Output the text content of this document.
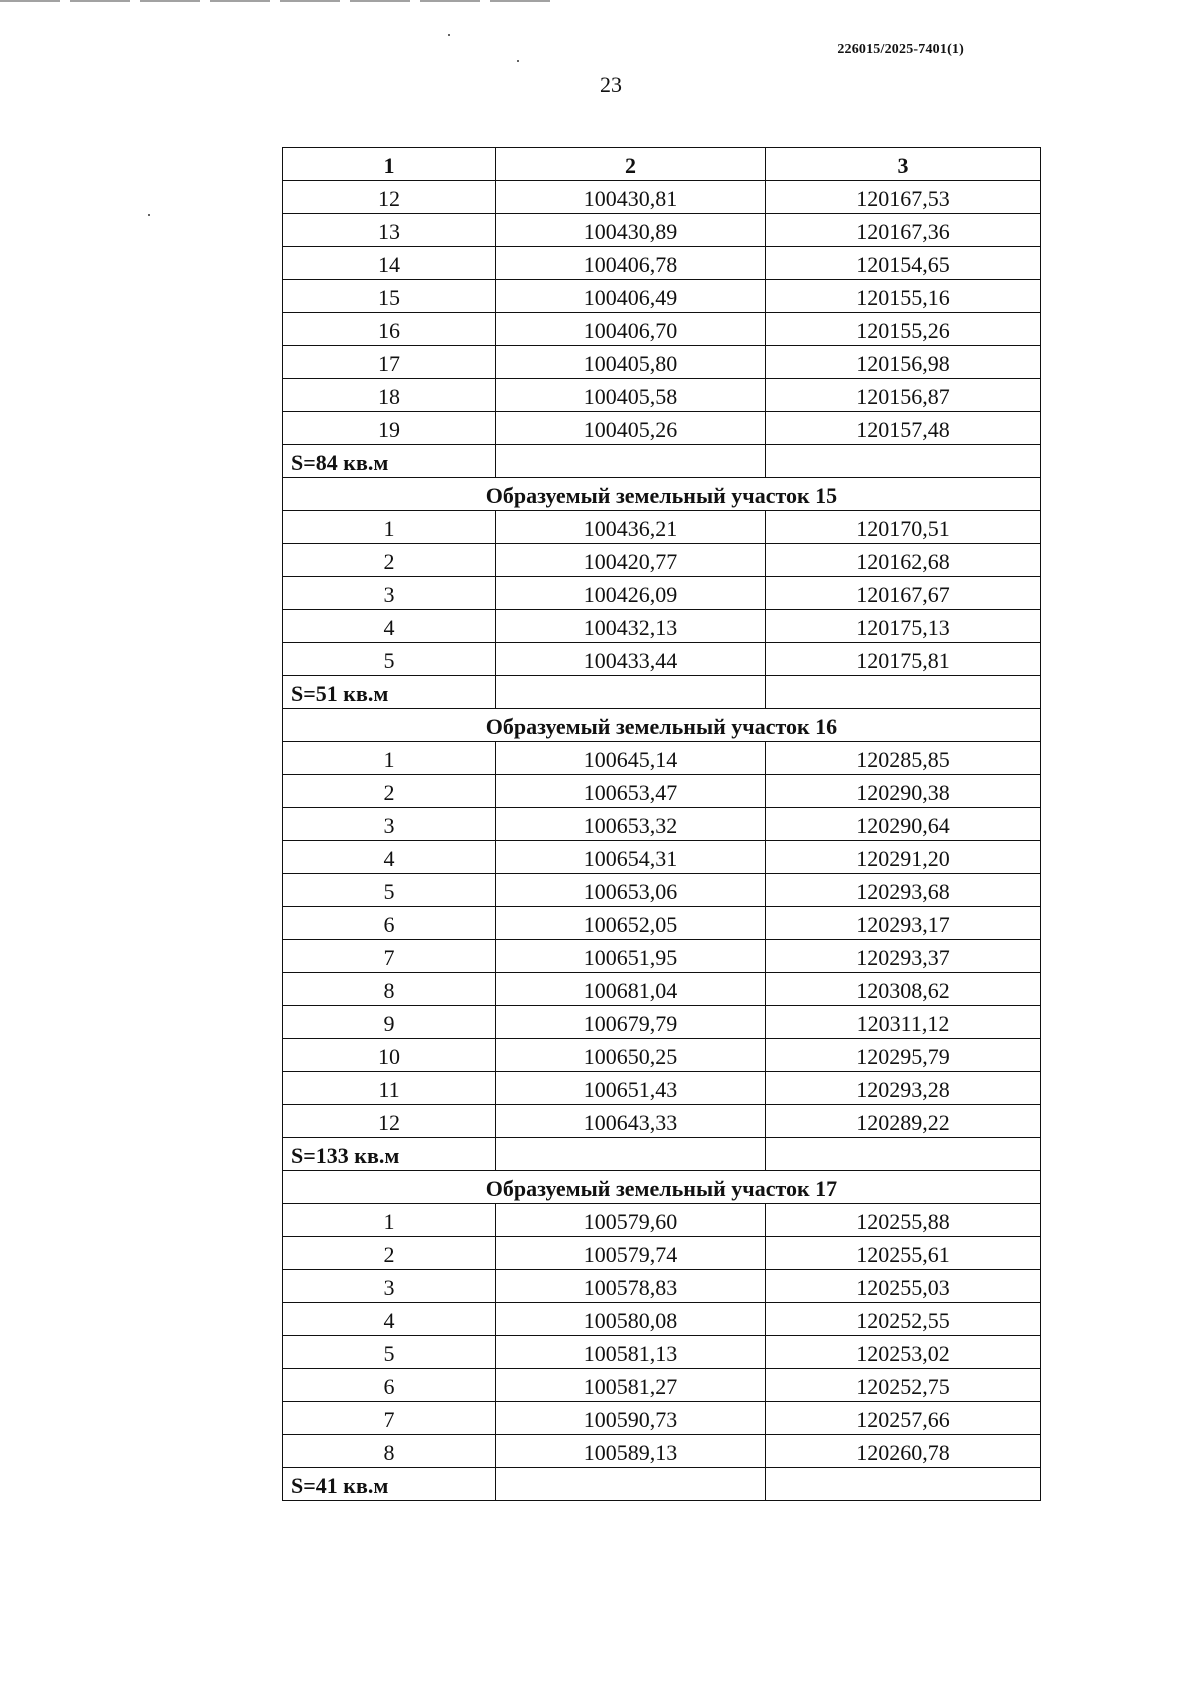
226015/2025-7401(1)
23
1	2	3
12	100430,81	120167,53
13	100430,89	120167,36
14	100406,78	120154,65
15	100406,49	120155,16
16	100406,70	120155,26
17	100405,80	120156,98
18	100405,58	120156,87
19	100405,26	120157,48
S=84 кв.м		
Образуемый земельный участок 15		
1	100436,21	120170,51
2	100420,77	120162,68
3	100426,09	120167,67
4	100432,13	120175,13
5	100433,44	120175,81
S=51 кв.м		
Образуемый земельный участок 16		
1	100645,14	120285,85
2	100653,47	120290,38
3	100653,32	120290,64
4	100654,31	120291,20
5	100653,06	120293,68
6	100652,05	120293,17
7	100651,95	120293,37
8	100681,04	120308,62
9	100679,79	120311,12
10	100650,25	120295,79
11	100651,43	120293,28
12	100643,33	120289,22
S=133 кв.м		
Образуемый земельный участок 17		
1	100579,60	120255,88
2	100579,74	120255,61
3	100578,83	120255,03
4	100580,08	120252,55
5	100581,13	120253,02
6	100581,27	120252,75
7	100590,73	120257,66
8	100589,13	120260,78
S=41 кв.м		
